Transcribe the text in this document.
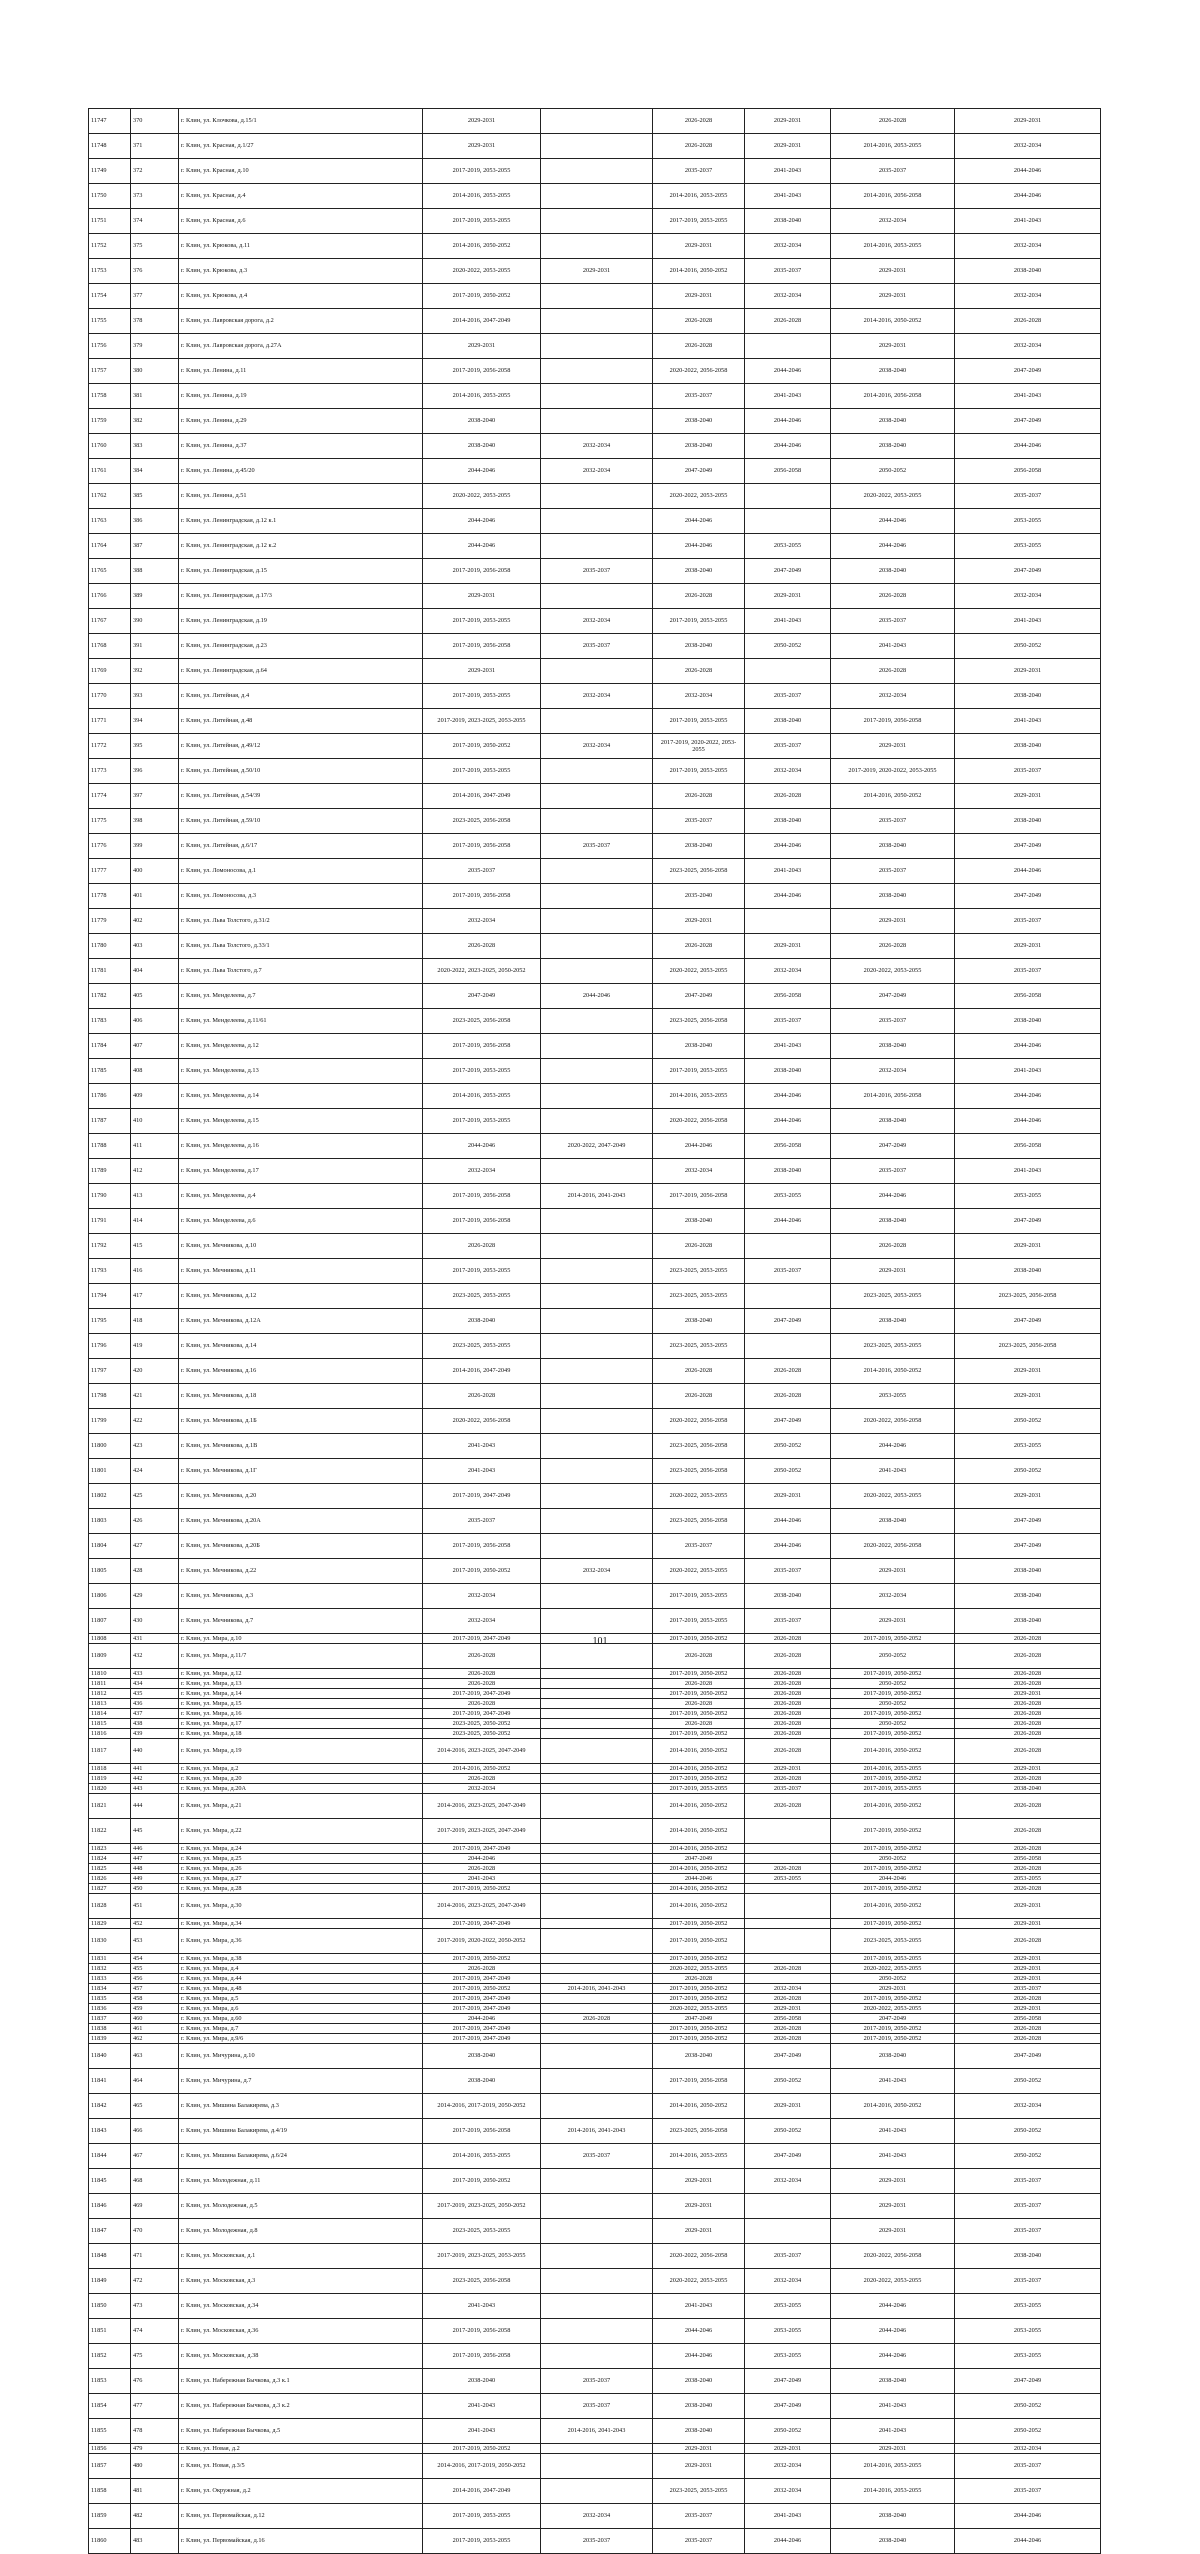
11747	370	г. Клин, ул. Клочкова, д.15/1	2029-2031		2026-2028	2029-2031	2026-2028	2029-2031
11748	371	г. Клин, ул. Красная, д.1/27	2029-2031		2026-2028	2029-2031	2014-2016, 2053-2055	2032-2034
11749	372	г. Клин, ул. Красная, д.10	2017-2019, 2053-2055		2035-2037	2041-2043	2035-2037	2044-2046
11750	373	г. Клин, ул. Красная, д.4	2014-2016, 2053-2055		2014-2016, 2053-2055	2041-2043	2014-2016, 2056-2058	2044-2046
11751	374	г. Клин, ул. Красная, д.6	2017-2019, 2053-2055		2017-2019, 2053-2055	2038-2040	2032-2034	2041-2043
11752	375	г. Клин, ул. Крюкова, д.11	2014-2016, 2050-2052		2029-2031	2032-2034	2014-2016, 2053-2055	2032-2034
11753	376	г. Клин, ул. Крюкова, д.3	2020-2022, 2053-2055	2029-2031	2014-2016, 2050-2052	2035-2037	2029-2031	2038-2040
11754	377	г. Клин, ул. Крюкова, д.4	2017-2019, 2050-2052		2029-2031	2032-2034	2029-2031	2032-2034
11755	378	г. Клин, ул. Лавровская дорога, д.2	2014-2016, 2047-2049		2026-2028	2026-2028	2014-2016, 2050-2052	2026-2028
11756	379	г. Клин, ул. Лавровская дорога, д.27А	2029-2031		2026-2028		2029-2031	2032-2034
11757	380	г. Клин, ул. Ленина, д.11	2017-2019, 2056-2058		2020-2022, 2056-2058	2044-2046	2038-2040	2047-2049
11758	381	г. Клин, ул. Ленина, д.19	2014-2016, 2053-2055		2035-2037	2041-2043	2014-2016, 2056-2058	2041-2043
11759	382	г. Клин, ул. Ленина, д.29	2038-2040		2038-2040	2044-2046	2038-2040	2047-2049
11760	383	г. Клин, ул. Ленина, д.37	2038-2040	2032-2034	2038-2040	2044-2046	2038-2040	2044-2046
11761	384	г. Клин, ул. Ленина, д.45/20	2044-2046	2032-2034	2047-2049	2056-2058	2050-2052	2056-2058
11762	385	г. Клин, ул. Ленина, д.51	2020-2022, 2053-2055		2020-2022, 2053-2055		2020-2022, 2053-2055	2035-2037
11763	386	г. Клин, ул. Ленинградская, д.12 к.1	2044-2046		2044-2046		2044-2046	2053-2055
11764	387	г. Клин, ул. Ленинградская, д.12 к.2	2044-2046		2044-2046	2053-2055	2044-2046	2053-2055
11765	388	г. Клин, ул. Ленинградская, д.15	2017-2019, 2056-2058	2035-2037	2038-2040	2047-2049	2038-2040	2047-2049
11766	389	г. Клин, ул. Ленинградская, д.17/3	2029-2031		2026-2028	2029-2031	2026-2028	2032-2034
11767	390	г. Клин, ул. Ленинградская, д.19	2017-2019, 2053-2055	2032-2034	2017-2019, 2053-2055	2041-2043	2035-2037	2041-2043
11768	391	г. Клин, ул. Ленинградская, д.23	2017-2019, 2056-2058	2035-2037	2038-2040	2050-2052	2041-2043	2050-2052
11769	392	г. Клин, ул. Ленинградская, д.64	2029-2031		2026-2028		2026-2028	2029-2031
11770	393	г. Клин, ул. Литейная, д.4	2017-2019, 2053-2055	2032-2034	2032-2034	2035-2037	2032-2034	2038-2040
11771	394	г. Клин, ул. Литейная, д.48	2017-2019, 2023-2025, 2053-2055		2017-2019, 2053-2055	2038-2040	2017-2019, 2056-2058	2041-2043
11772	395	г. Клин, ул. Литейная, д.49/12	2017-2019, 2050-2052	2032-2034	2017-2019, 2020-2022, 2053-2055	2035-2037	2029-2031	2038-2040
11773	396	г. Клин, ул. Литейная, д.50/10	2017-2019, 2053-2055		2017-2019, 2053-2055	2032-2034	2017-2019, 2020-2022, 2053-2055	2035-2037
11774	397	г. Клин, ул. Литейная, д.54/39	2014-2016, 2047-2049		2026-2028	2026-2028	2014-2016, 2050-2052	2029-2031
11775	398	г. Клин, ул. Литейная, д.59/10	2023-2025, 2056-2058		2035-2037	2038-2040	2035-2037	2038-2040
11776	399	г. Клин, ул. Литейная, д.6/17	2017-2019, 2056-2058	2035-2037	2038-2040	2044-2046	2038-2040	2047-2049
11777	400	г. Клин, ул. Ломоносова, д.1	2035-2037		2023-2025, 2056-2058	2041-2043	2035-2037	2044-2046
11778	401	г. Клин, ул. Ломоносова, д.3	2017-2019, 2056-2058		2035-2040	2044-2046	2038-2040	2047-2049
11779	402	г. Клин, ул. Льва Толстого, д.31/2	2032-2034		2029-2031		2029-2031	2035-2037
11780	403	г. Клин, ул. Льва Толстого, д.33/1	2026-2028		2026-2028	2029-2031	2026-2028	2029-2031
11781	404	г. Клин, ул. Льва Толстого, д.7	2020-2022, 2023-2025, 2050-2052		2020-2022, 2053-2055	2032-2034	2020-2022, 2053-2055	2035-2037
11782	405	г. Клин, ул. Менделеева, д.7	2047-2049	2044-2046	2047-2049	2056-2058	2047-2049	2056-2058
11783	406	г. Клин, ул. Менделеева, д.11/61	2023-2025, 2056-2058		2023-2025, 2056-2058	2035-2037	2035-2037	2038-2040
11784	407	г. Клин, ул. Менделеева, д.12	2017-2019, 2056-2058		2038-2040	2041-2043	2038-2040	2044-2046
11785	408	г. Клин, ул. Менделеева, д.13	2017-2019, 2053-2055		2017-2019, 2053-2055	2038-2040	2032-2034	2041-2043
11786	409	г. Клин, ул. Менделеева, д.14	2014-2016, 2053-2055		2014-2016, 2053-2055	2044-2046	2014-2016, 2056-2058	2044-2046
11787	410	г. Клин, ул. Менделеева, д.15	2017-2019, 2053-2055		2020-2022, 2056-2058	2044-2046	2038-2040	2044-2046
11788	411	г. Клин, ул. Менделеева, д.16	2044-2046	2020-2022, 2047-2049	2044-2046	2056-2058	2047-2049	2056-2058
11789	412	г. Клин, ул. Менделеева, д.17	2032-2034		2032-2034	2038-2040	2035-2037	2041-2043
11790	413	г. Клин, ул. Менделеева, д.4	2017-2019, 2056-2058	2014-2016, 2041-2043	2017-2019, 2056-2058	2053-2055	2044-2046	2053-2055
11791	414	г. Клин, ул. Менделеева, д.6	2017-2019, 2056-2058		2038-2040	2044-2046	2038-2040	2047-2049
11792	415	г. Клин, ул. Мечникова, д.10	2026-2028		2026-2028		2026-2028	2029-2031
11793	416	г. Клин, ул. Мечникова, д.11	2017-2019, 2053-2055		2023-2025, 2053-2055	2035-2037	2029-2031	2038-2040
11794	417	г. Клин, ул. Мечникова, д.12	2023-2025, 2053-2055		2023-2025, 2053-2055		2023-2025, 2053-2055	2023-2025, 2056-2058
11795	418	г. Клин, ул. Мечникова, д.12А	2038-2040		2038-2040	2047-2049	2038-2040	2047-2049
11796	419	г. Клин, ул. Мечникова, д.14	2023-2025, 2053-2055		2023-2025, 2053-2055		2023-2025, 2053-2055	2023-2025, 2056-2058
11797	420	г. Клин, ул. Мечникова, д.16	2014-2016, 2047-2049		2026-2028	2026-2028	2014-2016, 2050-2052	2029-2031
11798	421	г. Клин, ул. Мечникова, д.18	2026-2028		2026-2028	2026-2028	2053-2055	2029-2031
11799	422	г. Клин, ул. Мечникова, д.1Б	2020-2022, 2056-2058		2020-2022, 2056-2058	2047-2049	2020-2022, 2056-2058	2050-2052
11800	423	г. Клин, ул. Мечникова, д.1В	2041-2043		2023-2025, 2056-2058	2050-2052	2044-2046	2053-2055
11801	424	г. Клин, ул. Мечникова, д.1Г	2041-2043		2023-2025, 2056-2058	2050-2052	2041-2043	2050-2052
11802	425	г. Клин, ул. Мечникова, д.20	2017-2019, 2047-2049		2020-2022, 2053-2055	2029-2031	2020-2022, 2053-2055	2029-2031
11803	426	г. Клин, ул. Мечникова, д.20А	2035-2037		2023-2025, 2056-2058	2044-2046	2038-2040	2047-2049
11804	427	г. Клин, ул. Мечникова, д.20Б	2017-2019, 2056-2058		2035-2037	2044-2046	2020-2022, 2056-2058	2047-2049
11805	428	г. Клин, ул. Мечникова, д.22	2017-2019, 2050-2052	2032-2034	2020-2022, 2053-2055	2035-2037	2029-2031	2038-2040
11806	429	г. Клин, ул. Мечникова, д.3	2032-2034		2017-2019, 2053-2055	2038-2040	2032-2034	2038-2040
11807	430	г. Клин, ул. Мечникова, д.7	2032-2034		2017-2019, 2053-2055	2035-2037	2029-2031	2038-2040
11808	431	г. Клин, ул. Мира, д.10	2017-2019, 2047-2049		2017-2019, 2050-2052	2026-2028	2017-2019, 2050-2052	2026-2028
11809	432	г. Клин, ул. Мира, д.11/7	2026-2028		2026-2028	2026-2028	2050-2052	2026-2028
11810	433	г. Клин, ул. Мира, д.12	2026-2028		2017-2019, 2050-2052	2026-2028	2017-2019, 2050-2052	2026-2028
11811	434	г. Клин, ул. Мира, д.13	2026-2028		2026-2028	2026-2028	2050-2052	2026-2028
11812	435	г. Клин, ул. Мира, д.14	2017-2019, 2047-2049		2017-2019, 2050-2052	2026-2028	2017-2019, 2050-2052	2029-2031
11813	436	г. Клин, ул. Мира, д.15	2026-2028		2026-2028	2026-2028	2050-2052	2026-2028
11814	437	г. Клин, ул. Мира, д.16	2017-2019, 2047-2049		2017-2019, 2050-2052	2026-2028	2017-2019, 2050-2052	2026-2028
11815	438	г. Клин, ул. Мира, д.17	2023-2025, 2050-2052		2026-2028	2026-2028	2050-2052	2026-2028
11816	439	г. Клин, ул. Мира, д.18	2023-2025, 2050-2052		2017-2019, 2050-2052	2026-2028	2017-2019, 2050-2052	2026-2028
11817	440	г. Клин, ул. Мира, д.19	2014-2016, 2023-2025, 2047-2049		2014-2016, 2050-2052	2026-2028	2014-2016, 2050-2052	2026-2028
11818	441	г. Клин, ул. Мира, д.2	2014-2016, 2050-2052		2014-2016, 2050-2052	2029-2031	2014-2016, 2053-2055	2029-2031
11819	442	г. Клин, ул. Мира, д.20	2026-2028		2017-2019, 2050-2052	2026-2028	2017-2019, 2050-2052	2026-2028
11820	443	г. Клин, ул. Мира, д.20А	2032-2034		2017-2019, 2053-2055	2035-2037	2017-2019, 2053-2055	2038-2040
11821	444	г. Клин, ул. Мира, д.21	2014-2016, 2023-2025, 2047-2049		2014-2016, 2050-2052	2026-2028	2014-2016, 2050-2052	2026-2028
11822	445	г. Клин, ул. Мира, д.22	2017-2019, 2023-2025, 2047-2049		2014-2016, 2050-2052		2017-2019, 2050-2052	2026-2028
11823	446	г. Клин, ул. Мира, д.24	2017-2019, 2047-2049		2014-2016, 2050-2052		2017-2019, 2050-2052	2026-2028
11824	447	г. Клин, ул. Мира, д.25	2044-2046		2047-2049		2050-2052	2056-2058
11825	448	г. Клин, ул. Мира, д.26	2026-2028		2014-2016, 2050-2052	2026-2028	2017-2019, 2050-2052	2026-2028
11826	449	г. Клин, ул. Мира, д.27	2041-2043		2044-2046	2053-2055	2044-2046	2053-2055
11827	450	г. Клин, ул. Мира, д.28	2017-2019, 2050-2052		2014-2016, 2050-2052		2017-2019, 2050-2052	2026-2028
11828	451	г. Клин, ул. Мира, д.30	2014-2016, 2023-2025, 2047-2049		2014-2016, 2050-2052		2014-2016, 2050-2052	2029-2031
11829	452	г. Клин, ул. Мира, д.34	2017-2019, 2047-2049		2017-2019, 2050-2052		2017-2019, 2050-2052	2029-2031
11830	453	г. Клин, ул. Мира, д.36	2017-2019, 2020-2022, 2050-2052		2017-2019, 2050-2052		2023-2025, 2053-2055	2026-2028
11831	454	г. Клин, ул. Мира, д.38	2017-2019, 2050-2052		2017-2019, 2050-2052		2017-2019, 2053-2055	2029-2031
11832	455	г. Клин, ул. Мира, д.4	2026-2028		2020-2022, 2053-2055	2026-2028	2020-2022, 2053-2055	2029-2031
11833	456	г. Клин, ул. Мира, д.44	2017-2019, 2047-2049		2026-2028		2050-2052	2029-2031
11834	457	г. Клин, ул. Мира, д.48	2017-2019, 2050-2052	2014-2016, 2041-2043	2017-2019, 2050-2052	2032-2034	2029-2031	2035-2037
11835	458	г. Клин, ул. Мира, д.5	2017-2019, 2047-2049		2017-2019, 2050-2052	2026-2028	2017-2019, 2050-2052	2026-2028
11836	459	г. Клин, ул. Мира, д.6	2017-2019, 2047-2049		2020-2022, 2053-2055	2029-2031	2020-2022, 2053-2055	2029-2031
11837	460	г. Клин, ул. Мира, д.60	2044-2046	2026-2028	2047-2049	2056-2058	2047-2049	2056-2058
11838	461	г. Клин, ул. Мира, д.7	2017-2019, 2047-2049		2017-2019, 2050-2052	2026-2028	2017-2019, 2050-2052	2026-2028
11839	462	г. Клин, ул. Мира, д.9/6	2017-2019, 2047-2049		2017-2019, 2050-2052	2026-2028	2017-2019, 2050-2052	2026-2028
11840	463	г. Клин, ул. Мичурина, д.10	2038-2040		2038-2040	2047-2049	2038-2040	2047-2049
11841	464	г. Клин, ул. Мичурина, д.7	2038-2040		2017-2019, 2056-2058	2050-2052	2041-2043	2050-2052
11842	465	г. Клин, ул. Мишина Балакирева, д.3	2014-2016, 2017-2019, 2050-2052		2014-2016, 2050-2052	2029-2031	2014-2016, 2050-2052	2032-2034
11843	466	г. Клин, ул. Мишина Балакирева, д.4/19	2017-2019, 2056-2058	2014-2016, 2041-2043	2023-2025, 2056-2058	2050-2052	2041-2043	2050-2052
11844	467	г. Клин, ул. Мишина Балакирева, д.6/24	2014-2016, 2053-2055	2035-2037	2014-2016, 2053-2055	2047-2049	2041-2043	2050-2052
11845	468	г. Клин, ул. Молодежная, д.11	2017-2019, 2050-2052		2029-2031	2032-2034	2029-2031	2035-2037
11846	469	г. Клин, ул. Молодежная, д.5	2017-2019, 2023-2025, 2050-2052		2029-2031		2029-2031	2035-2037
11847	470	г. Клин, ул. Молодежная, д.8	2023-2025, 2053-2055		2029-2031		2029-2031	2035-2037
11848	471	г. Клин, ул. Московская, д.1	2017-2019, 2023-2025, 2053-2055		2020-2022, 2056-2058	2035-2037	2020-2022, 2056-2058	2038-2040
11849	472	г. Клин, ул. Московская, д.3	2023-2025, 2056-2058		2020-2022, 2053-2055	2032-2034	2020-2022, 2053-2055	2035-2037
11850	473	г. Клин, ул. Московская, д.34	2041-2043		2041-2043	2053-2055	2044-2046	2053-2055
11851	474	г. Клин, ул. Московская, д.36	2017-2019, 2056-2058		2044-2046	2053-2055	2044-2046	2053-2055
11852	475	г. Клин, ул. Московская, д.38	2017-2019, 2056-2058		2044-2046	2053-2055	2044-2046	2053-2055
11853	476	г. Клин, ул. Набережная Бычкова, д.3 к.1	2038-2040	2035-2037	2038-2040	2047-2049	2038-2040	2047-2049
11854	477	г. Клин, ул. Набережная Бычкова, д.3 к.2	2041-2043	2035-2037	2038-2040	2047-2049	2041-2043	2050-2052
11855	478	г. Клин, ул. Набережная Бычкова, д.5	2041-2043	2014-2016, 2041-2043	2038-2040	2050-2052	2041-2043	2050-2052
11856	479	г. Клин, ул. Новая, д.2	2017-2019, 2050-2052		2029-2031	2029-2031	2029-2031	2032-2034
11857	480	г. Клин, ул. Новая, д.3/5	2014-2016, 2017-2019, 2050-2052		2029-2031	2032-2034	2014-2016, 2053-2055	2035-2037
11858	481	г. Клин, ул. Окружная, д.2	2014-2016, 2047-2049		2023-2025, 2053-2055	2032-2034	2014-2016, 2053-2055	2035-2037
11859	482	г. Клин, ул. Первомайская, д.12	2017-2019, 2053-2055	2032-2034	2035-2037	2041-2043	2038-2040	2044-2046
11860	483	г. Клин, ул. Первомайская, д.16	2017-2019, 2053-2055	2035-2037	2035-2037	2044-2046	2038-2040	2044-2046
101
